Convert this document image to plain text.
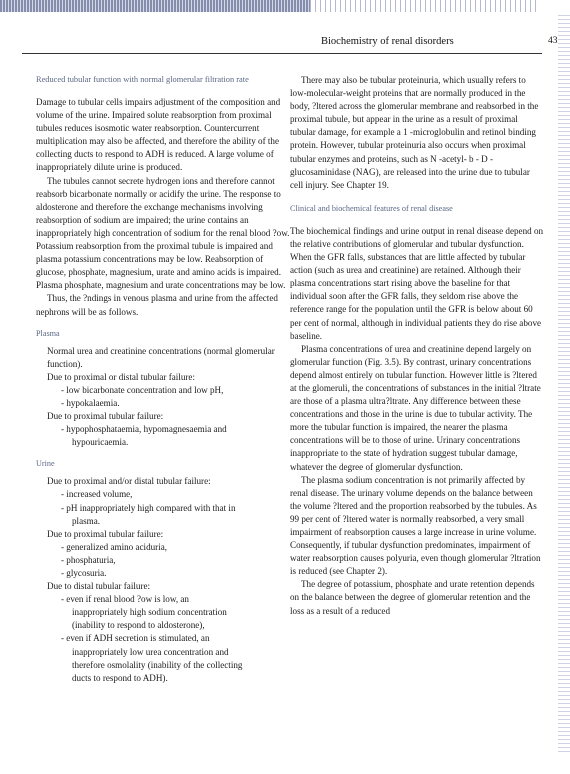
Biochemistry of renal disorders	43

Reduced tubular function with normal glomerular filtration rate

Damage to tubular cells impairs adjustment of the composition and volume of the urine. Impaired solute reabsorption from proximal tubules reduces isosmotic water reabsorption. Countercurrent multiplication may also be affected, and therefore the ability of the collecting ducts to respond to ADH is reduced. A large volume of inappropriately dilute urine is produced.

The tubules cannot secrete hydrogen ions and therefore cannot reabsorb bicarbonate normally or acidify the urine. The response to aldosterone and therefore the exchange mechanisms involving reabsorption of sodium are impaired; the urine contains an inappropriately high concentration of sodium for the renal blood ?ow. Potassium reabsorption from the proximal tubule is impaired and plasma potassium concentrations may be low. Reabsorption of glucose, phosphate, magnesium, urate and amino acids is impaired. Plasma phosphate, magnesium and urate concentrations may be low.

Thus, the ?ndings in venous plasma and urine from the affected nephrons will be as follows.

Plasma

Normal urea and creatinine concentrations (normal glomerular function).

Due to proximal or distal tubular failure:

- low bicarbonate concentration and low pH,

- hypokalaemia.

Due to proximal tubular failure:

- hypophosphataemia, hypomagnesaemia and

hypouricaemia.

Urine

Due to proximal and/or distal tubular failure:

- increased volume,

- pH inappropriately high compared with that in

plasma.

Due to proximal tubular failure:

- generalized amino aciduria,

- phosphaturia,

- glycosuria.

Due to distal tubular failure:

- even if renal blood ?ow is low, an

inappropriately high sodium concentration

(inability to respond to aldosterone),

- even if ADH secretion is stimulated, an

inappropriately low urea concentration and

therefore osmolality (inability of the collecting

ducts to respond to ADH).

There may also be tubular proteinuria, which usually refers to low-molecular-weight proteins that are normally produced in the body, ?ltered across the glomerular membrane and reabsorbed in the proximal tubule, but appear in the urine as a result of proximal tubular damage, for example a 1 -microglobulin and retinol binding protein. However, tubular proteinuria also occurs when proximal tubular enzymes and proteins, such as N -acetyl- b - D -glucosaminidase (NAG), are released into the urine due to tubular cell injury. See Chapter 19.

Clinical and biochemical features of renal disease

The biochemical findings and urine output in renal disease depend on the relative contributions of glomerular and tubular dysfunction. When the GFR falls, substances that are little affected by tubular action (such as urea and creatinine) are retained. Although their plasma concentrations start rising above the baseline for that individual soon after the GFR falls, they seldom rise above the reference range for the population until the GFR is below about 60 per cent of normal, although in individual patients they do rise above baseline.

Plasma concentrations of urea and creatinine depend largely on glomerular function (Fig. 3.5). By contrast, urinary concentrations depend almost entirely on tubular function. However little is ?ltered at the glomeruli, the concentrations of substances in the initial ?ltrate are those of a plasma ultra?ltrate. Any difference between these concentrations and those in the urine is due to tubular activity. The more the tubular function is impaired, the nearer the plasma concentrations will be to those of urine. Urinary concentrations inappropriate to the state of hydration suggest tubular damage, whatever the degree of glomerular dysfunction.

The plasma sodium concentration is not primarily affected by renal disease. The urinary volume depends on the balance between the volume ?ltered and the proportion reabsorbed by the tubules. As 99 per cent of ?ltered water is normally reabsorbed, a very small impairment of reabsorption causes a large increase in urine volume. Consequently, if tubular dysfunction predominates, impairment of water reabsorption causes polyuria, even though glomerular ?ltration is reduced (see Chapter 2).

The degree of potassium, phosphate and urate retention depends on the balance between the degree of glomerular retention and the loss as a result of a reduced
